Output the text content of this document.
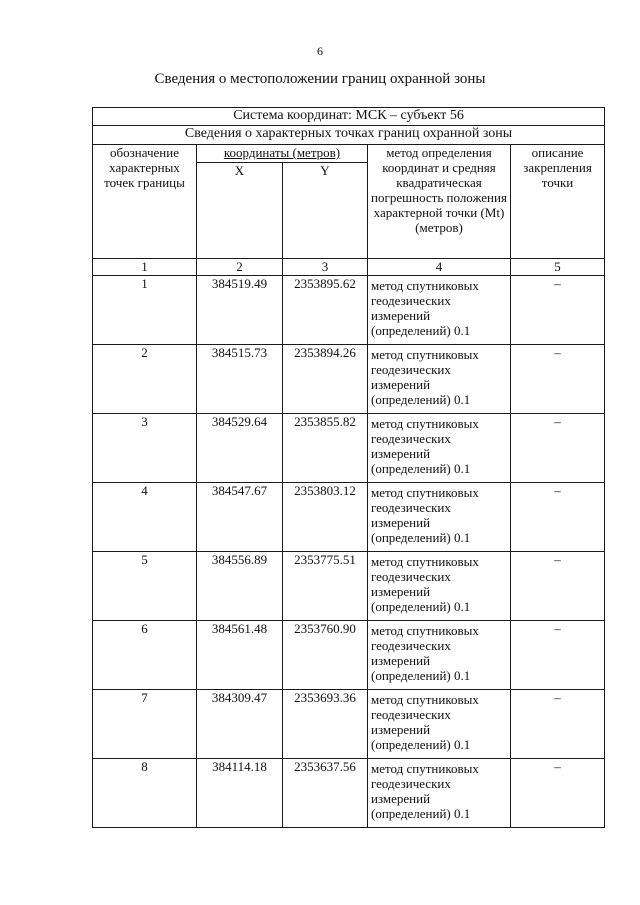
6
Сведения о местоположении границ охранной зоны
Система координат: МСК – субъект 56				
Сведения о характерных точках границ охранной зоны				
обозначение характерных точек границы	координаты (метров)		метод определения координат и средняя квадратическая погрешность положения характерной точки (Mt) (метров)	описание закрепления точки
	X	Y		
1	2	3	4	5
1	384519.49	2353895.62	метод спутниковых геодезических измерений (определений) 0.1	–
2	384515.73	2353894.26	метод спутниковых геодезических измерений (определений) 0.1	–
3	384529.64	2353855.82	метод спутниковых геодезических измерений (определений) 0.1	–
4	384547.67	2353803.12	метод спутниковых геодезических измерений (определений) 0.1	–
5	384556.89	2353775.51	метод спутниковых геодезических измерений (определений) 0.1	–
6	384561.48	2353760.90	метод спутниковых геодезических измерений (определений) 0.1	–
7	384309.47	2353693.36	метод спутниковых геодезических измерений (определений) 0.1	–
8	384114.18	2353637.56	метод спутниковых геодезических измерений (определений) 0.1	–
